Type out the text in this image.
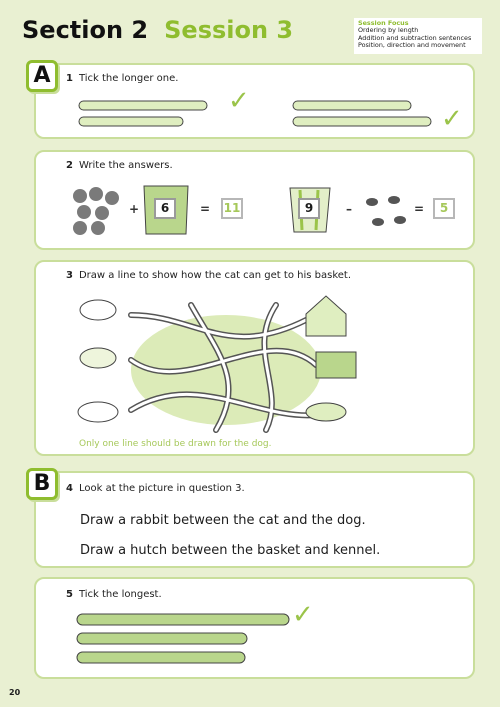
Section 2 Session 3	Session Focus
Ordering by length
Addition and subtraction sentences
Position, direction and movement
A	1 Tick the longer one.
✓
✓
2 Write the answers.
+	6	= 11	9	–	=	5
3 Draw a line to show how the cat can get to his basket.
Only one line should be drawn for the dog.
B	4 Look at the picture in question 3.
Draw a rabbit between the cat and the dog.
Draw a hutch between the basket and kennel.
5 Tick the longest.
✓
20
